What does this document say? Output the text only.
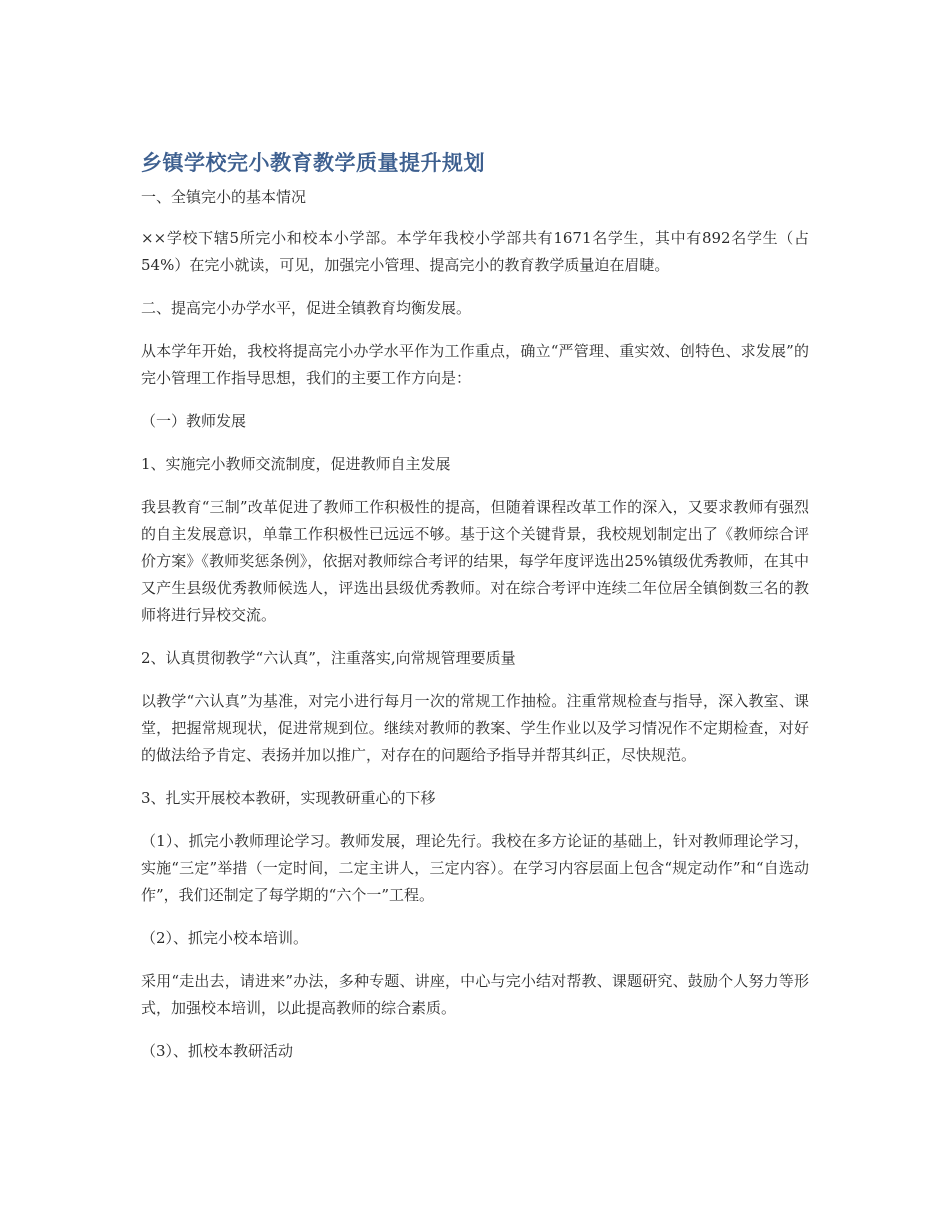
乡镇学校完小教育教学质量提升规划

一、全镇完小的基本情况

××学校下辖5所完小和校本小学部。本学年我校小学部共有1671名学生，其中有892名学生（占54%）在完小就读，可见，加强完小管理、提高完小的教育教学质量迫在眉睫。

二、提高完小办学水平，促进全镇教育均衡发展。

从本学年开始，我校将提高完小办学水平作为工作重点，确立“严管理、重实效、创特色、求发展”的完小管理工作指导思想，我们的主要工作方向是：

（一）教师发展

1、实施完小教师交流制度，促进教师自主发展

我县教育“三制”改革促进了教师工作积极性的提高，但随着课程改革工作的深入，又要求教师有强烈的自主发展意识，单靠工作积极性已远远不够。基于这个关键背景，我校规划制定出了《教师综合评价方案》《教师奖惩条例》，依据对教师综合考评的结果，每学年度评选出25%镇级优秀教师，在其中又产生县级优秀教师候选人，评选出县级优秀教师。对在综合考评中连续二年位居全镇倒数三名的教师将进行异校交流。

2、认真贯彻教学“六认真”，注重落实,向常规管理要质量

以教学“六认真”为基准，对完小进行每月一次的常规工作抽检。注重常规检查与指导，深入教室、课堂，把握常规现状，促进常规到位。继续对教师的教案、学生作业以及学习情况作不定期检查，对好的做法给予肯定、表扬并加以推广，对存在的问题给予指导并帮其纠正，尽快规范。

3、扎实开展校本教研，实现教研重心的下移

（1）、抓完小教师理论学习。教师发展，理论先行。我校在多方论证的基础上，针对教师理论学习，实施“三定”举措（一定时间，二定主讲人，三定内容）。在学习内容层面上包含“规定动作”和“自选动作”，我们还制定了每学期的“六个一”工程。

（2）、抓完小校本培训。

采用“走出去，请进来”办法，多种专题、讲座，中心与完小结对帮教、课题研究、鼓励个人努力等形式，加强校本培训，以此提高教师的综合素质。

（3）、抓校本教研活动
